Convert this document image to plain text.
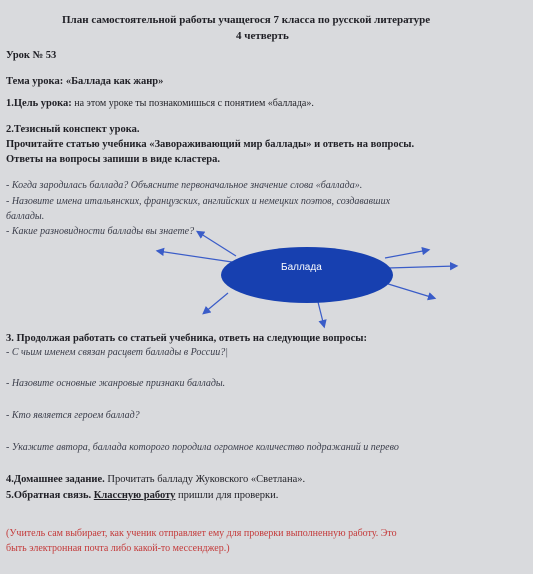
План самостоятельной работы учащегося 7 класса по русской литературе
4 четверть
Урок № 53
Тема урока: «Баллада как жанр»
1.Цель урока: на этом уроке ты познакомишься с понятием «баллада».
2.Тезисный конспект урока.
Прочитайте статью учебника «Завораживающий мир баллады» и ответь на вопросы.
Ответы на вопросы запиши в виде кластера.
- Когда зародилась баллада? Объясните первоначальное значение слова «баллада».
- Назовите имена итальянских, французских, английских и немецких поэтов, создававших
баллады.
- Какие разновидности баллады вы знаете?
Баллада
3. Продолжая работать со статьей учебника, ответь на следующие вопросы:
- С чьим именем связан расцвет баллады в России?|
- Назовите основные жанровые признаки баллады.
- Кто является героем баллад?
- Укажите автора, баллада которого породила огромное количество подражаний и перево
4.Домашнее задание. Прочитать балладу Жуковского «Светлана».
5.Обратная связь. Классную работу пришли для проверки.
(Учитель сам выбирает, как ученик отправляет ему для проверки выполненную работу. Это
быть электронная почта либо какой-то мессенджер.)
